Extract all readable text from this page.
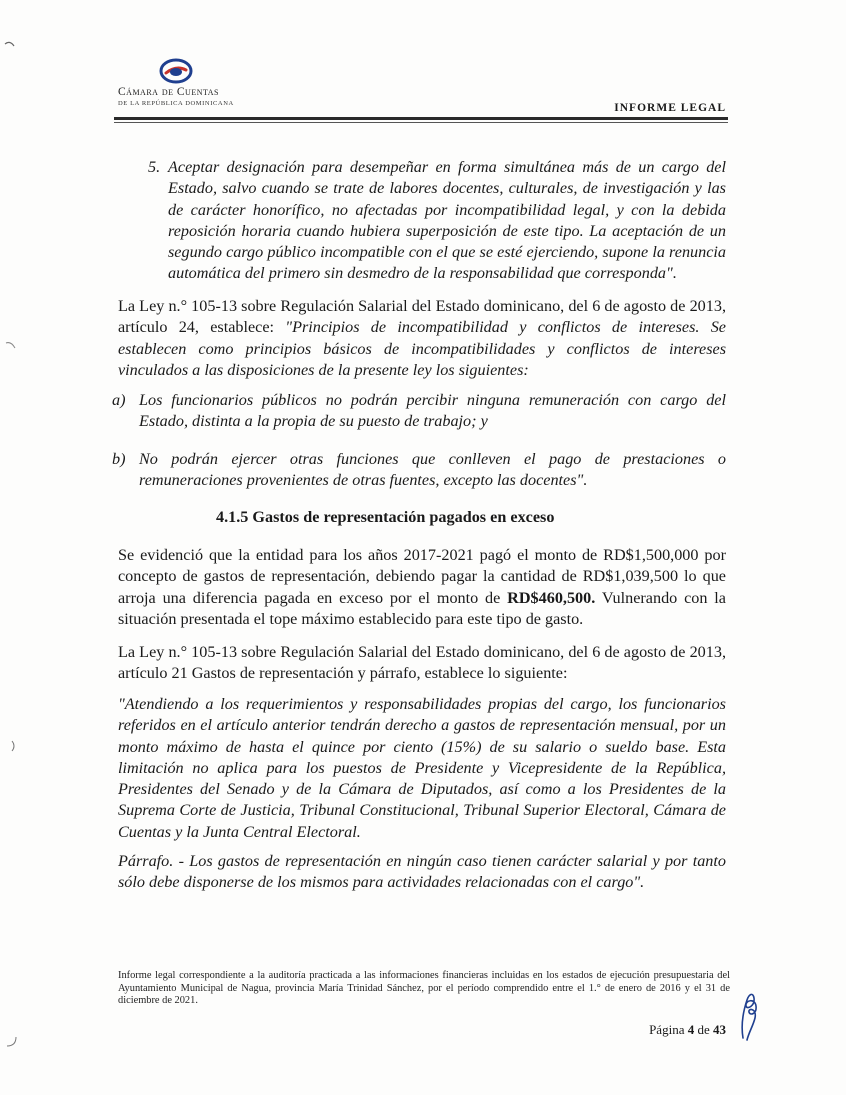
Cámara de Cuentas
DE LA REPÚBLICA DOMINICANA	INFORME LEGAL
5. Aceptar designación para desempeñar en forma simultánea más de un cargo del Estado, salvo cuando se trate de labores docentes, culturales, de investigación y las de carácter honorífico, no afectadas por incompatibilidad legal, y con la debida reposición horaria cuando hubiera superposición de este tipo. La aceptación de un segundo cargo público incompatible con el que se esté ejerciendo, supone la renuncia automática del primero sin desmedro de la responsabilidad que corresponda".
La Ley n.° 105-13 sobre Regulación Salarial del Estado dominicano, del 6 de agosto de 2013, artículo 24, establece: "Principios de incompatibilidad y conflictos de intereses. Se establecen como principios básicos de incompatibilidades y conflictos de intereses vinculados a las disposiciones de la presente ley los siguientes:
a) Los funcionarios públicos no podrán percibir ninguna remuneración con cargo del Estado, distinta a la propia de su puesto de trabajo; y
b) No podrán ejercer otras funciones que conlleven el pago de prestaciones o remuneraciones provenientes de otras fuentes, excepto las docentes".
4.1.5 Gastos de representación pagados en exceso
Se evidenció que la entidad para los años 2017-2021 pagó el monto de RD$1,500,000 por concepto de gastos de representación, debiendo pagar la cantidad de RD$1,039,500 lo que arroja una diferencia pagada en exceso por el monto de RD$460,500. Vulnerando con la situación presentada el tope máximo establecido para este tipo de gasto.
La Ley n.° 105-13 sobre Regulación Salarial del Estado dominicano, del 6 de agosto de 2013, artículo 21 Gastos de representación y párrafo, establece lo siguiente:
"Atendiendo a los requerimientos y responsabilidades propias del cargo, los funcionarios referidos en el artículo anterior tendrán derecho a gastos de representación mensual, por un monto máximo de hasta el quince por ciento (15%) de su salario o sueldo base. Esta limitación no aplica para los puestos de Presidente y Vicepresidente de la República, Presidentes del Senado y de la Cámara de Diputados, así como a los Presidentes de la Suprema Corte de Justicia, Tribunal Constitucional, Tribunal Superior Electoral, Cámara de Cuentas y la Junta Central Electoral.
Párrafo. - Los gastos de representación en ningún caso tienen carácter salarial y por tanto sólo debe disponerse de los mismos para actividades relacionadas con el cargo".
Informe legal correspondiente a la auditoría practicada a las informaciones financieras incluidas en los estados de ejecución presupuestaria del Ayuntamiento Municipal de Nagua, provincia María Trinidad Sánchez, por el período comprendido entre el 1.° de enero de 2016 y el 31 de diciembre de 2021.
Página 4 de 43
